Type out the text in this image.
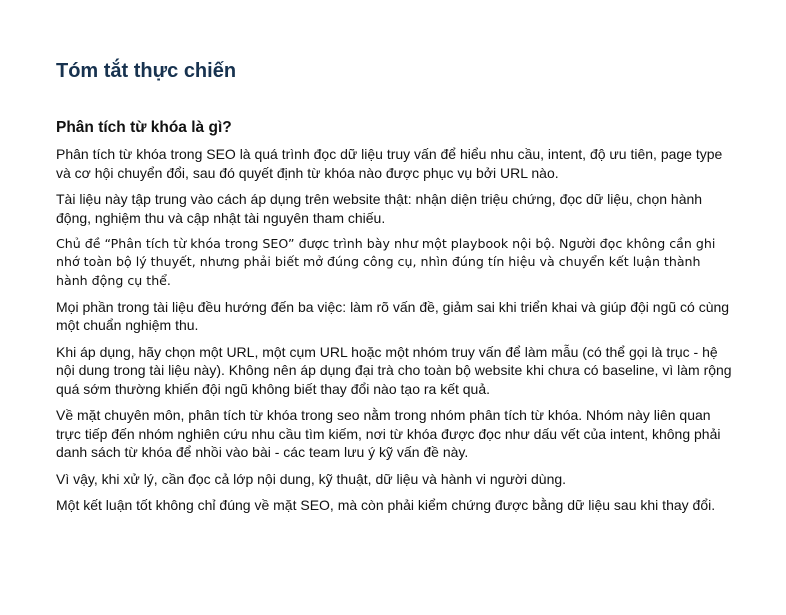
Tóm tắt thực chiến
Phân tích từ khóa là gì?

Phân tích từ khóa trong SEO là quá trình đọc dữ liệu truy vấn để hiểu nhu cầu, intent, độ ưu tiên, page type và cơ hội chuyển đổi, sau đó quyết định từ khóa nào được phục vụ bởi URL nào.

Tài liệu này tập trung vào cách áp dụng trên website thật: nhận diện triệu chứng, đọc dữ liệu, chọn hành động, nghiệm thu và cập nhật tài nguyên tham chiếu.

Chủ đề “Phân tích từ khóa trong SEO” được trình bày như một playbook nội bộ. Người đọc không cần ghi nhớ toàn bộ lý thuyết, nhưng phải biết mở đúng công cụ, nhìn đúng tín hiệu và chuyển kết luận thành hành động cụ thể.

Mọi phần trong tài liệu đều hướng đến ba việc: làm rõ vấn đề, giảm sai khi triển khai và giúp đội ngũ có cùng một chuẩn nghiệm thu.

Khi áp dụng, hãy chọn một URL, một cụm URL hoặc một nhóm truy vấn để làm mẫu (có thể gọi là trục - hệ nội dung trong tài liệu này). Không nên áp dụng đại trà cho toàn bộ website khi chưa có baseline, vì làm rộng quá sớm thường khiến đội ngũ không biết thay đổi nào tạo ra kết quả.

Về mặt chuyên môn, phân tích từ khóa trong seo nằm trong nhóm phân tích từ khóa. Nhóm này liên quan trực tiếp đến nhóm nghiên cứu nhu cầu tìm kiếm, nơi từ khóa được đọc như dấu vết của intent, không phải danh sách từ khóa để nhồi vào bài - các team lưu ý kỹ vấn đề này.

Vì vậy, khi xử lý, cần đọc cả lớp nội dung, kỹ thuật, dữ liệu và hành vi người dùng.

Một kết luận tốt không chỉ đúng về mặt SEO, mà còn phải kiểm chứng được bằng dữ liệu sau khi thay đổi.
